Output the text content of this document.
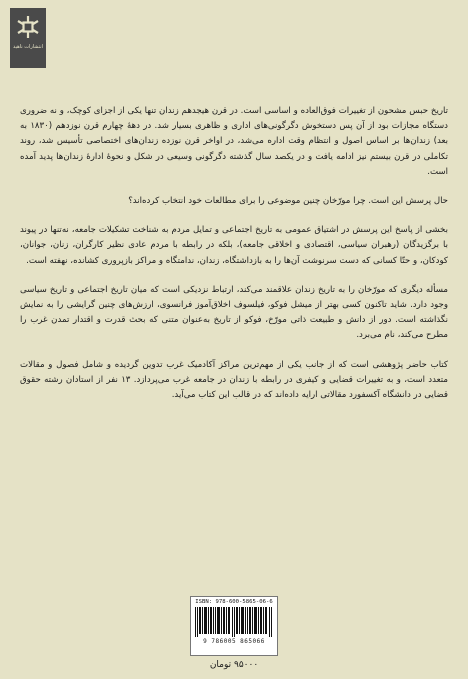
انتشارات ناهید

تاریخ حبس مشحون از تغییرات فوق‌العاده و اساسی است. در قرن هیجدهم زندان تنها یکی از اجزای کوچک، و نه ضروری دستگاه مجازات بود از آن پس دستخوش دگرگونی‌های اداری و ظاهری بسیار شد. در دهۀ چهارم قرن نوزدهم (۱۸۳۰ به بعد) زندان‌ها بر اساس اصول و انتظام وقت اداره می‌شد، در اواخر قرن نوزده زندان‌های اختصاصی تأسیس شد، روند تکاملی در قرن بیستم نیز ادامه یافت و در یکصد سال گذشته دگرگونی وسیعی در شکل و نحوۀ ادارۀ زندان‌ها پدید آمده است.

حال پرسش این است. چرا مورّخان چنین موضوعی را برای مطالعات خود انتخاب کرده‌اند؟

بخشی از پاسخ این پرسش در اشتیاق عمومی به تاریخ اجتماعی و تمایل مردم به شناخت تشکیلات جامعه، نه‌تنها در پیوند با برگزیدگان (رهبران سیاسی، اقتصادی و اخلاقی جامعه)، بلکه در رابطه با مردم عادی نظیر کارگران، زنان، جوانان، کودکان، و حتّا کسانی که دست سرنوشت آن‌ها را به بازداشتگاه، زندان، ندامتگاه و مراکز بازپروری کشانده، نهفته است.

مسأله دیگری که مورّخان را به تاریخ زندان علاقمند می‌کند، ارتباط نزدیکی است که میان تاریخ اجتماعی و تاریخ سیاسی وجود دارد. شاید تاکنون کسی بهتر از میشل فوکو، فیلسوف اخلاق‌آموز فرانسوی، ارزش‌های چنین گرایشی را به نمایش نگذاشته است. دور از دانش و طبیعت ذاتی مورّخ، فوکو از تاریخ به‌عنوان متنی که بحث قدرت و اقتدار تمدن غرب را مطرح می‌کند، نام می‌برد.

کتاب حاضر پژوهشی است که از جانب یکی از مهم‌ترین مراکز آکادمیک غرب تدوین گردیده و شامل فصول و مقالات متعدد است، و به تغییرات قضایی و کیفری در رابطه با زندان در جامعه غرب می‌پردازد. ۱۳ نفر از استادان رشته حقوق قضایی در دانشگاه آکسفورد مقالاتی ارایه داده‌اند که در قالب این کتاب می‌آید.

ISBN: 978-600-5865-06-6
9 786005 865066
۹۵۰۰۰ تومان
